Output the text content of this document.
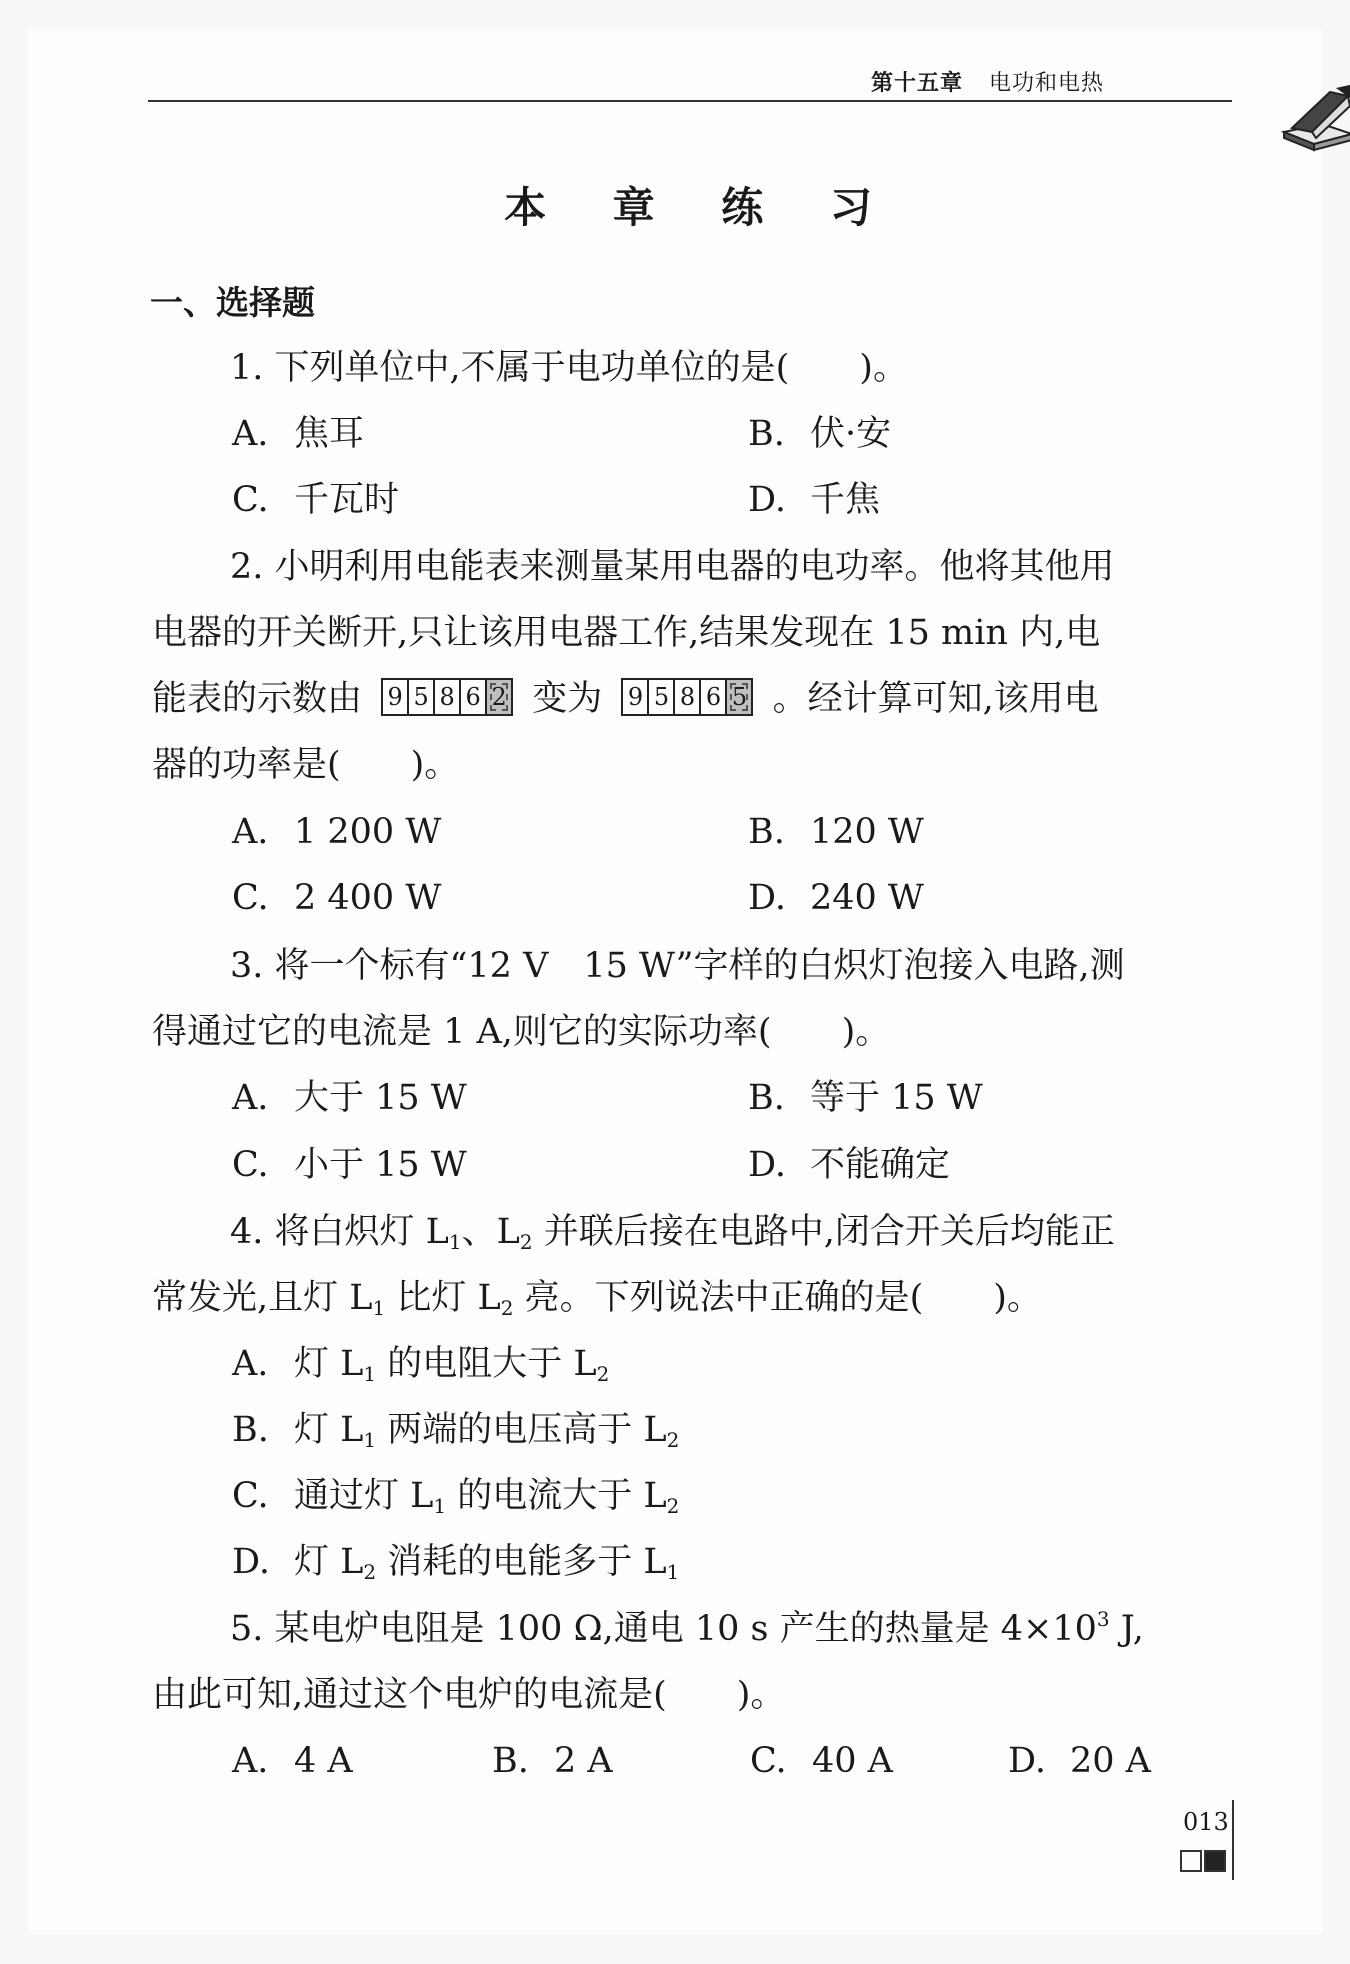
第十五章 电功和电热
本 章 练 习
一、选择题
1. 下列单位中,不属于电功单位的是(　　)。
A. 焦耳	B. 伏·安
C. 千瓦时	D. 千焦
2. 小明利用电能表来测量某用电器的电功率。他将其他用
电器的开关断开,只让该用电器工作,结果发现在 15 min 内,电
能表的示数由 9 5 8 6 2 变为 9 5 8 6 5 。经计算可知,该用电
器的功率是(　　)。
A. 1 200 W	B. 120 W
C. 2 400 W	D. 240 W
3. 将一个标有“12 V　15 W”字样的白炽灯泡接入电路,测
得通过它的电流是 1 A,则它的实际功率(　　)。
A. 大于 15 W	B. 等于 15 W
C. 小于 15 W	D. 不能确定
4. 将白炽灯 $L_1$、$L_2$ 并联后接在电路中,闭合开关后均能正
常发光,且灯 $L_1$ 比灯 $L_2$ 亮。下列说法中正确的是(　　)。
A. 灯 $L_1$ 的电阻大于 $L_2$
B. 灯 $L_1$ 两端的电压高于 $L_2$
C. 通过灯 $L_1$ 的电流大于 $L_2$
D. 灯 $L_2$ 消耗的电能多于 $L_1$
5. 某电炉电阻是 100 Ω,通电 10 s 产生的热量是 $4\times 10^3$ J,
由此可知,通过这个电炉的电流是(　　)。
A. 4 A	B. 2 A	C. 40 A	D. 20 A
013
